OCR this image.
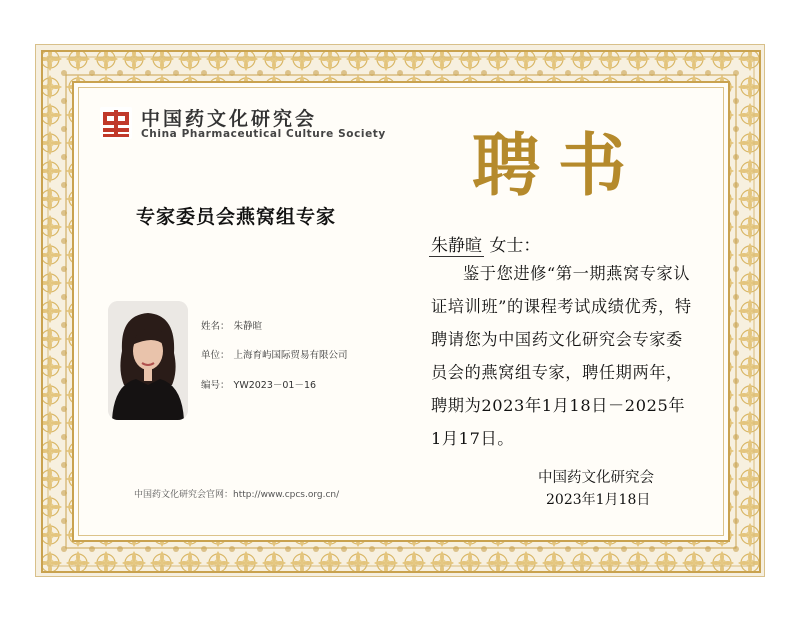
中国药文化研究会
China Pharmaceutical Culture Society 聘书
专家委员会燕窝组专家
姓名： 朱静暄
单位： 上海育屿国际贸易有限公司
编号： YW2023－01－16
中国药文化研究会官网：http://www.cpcs.org.cn/
朱静暄 女士：
鉴于您进修“第一期燕窝专家认证培训班”的课程考试成绩优秀，特聘请您为中国药文化研究会专家委员会的燕窝组专家，聘任期两年，聘期为2023年1月18日－2025年1月17日。
中国药文化研究会
2023年1月18日
